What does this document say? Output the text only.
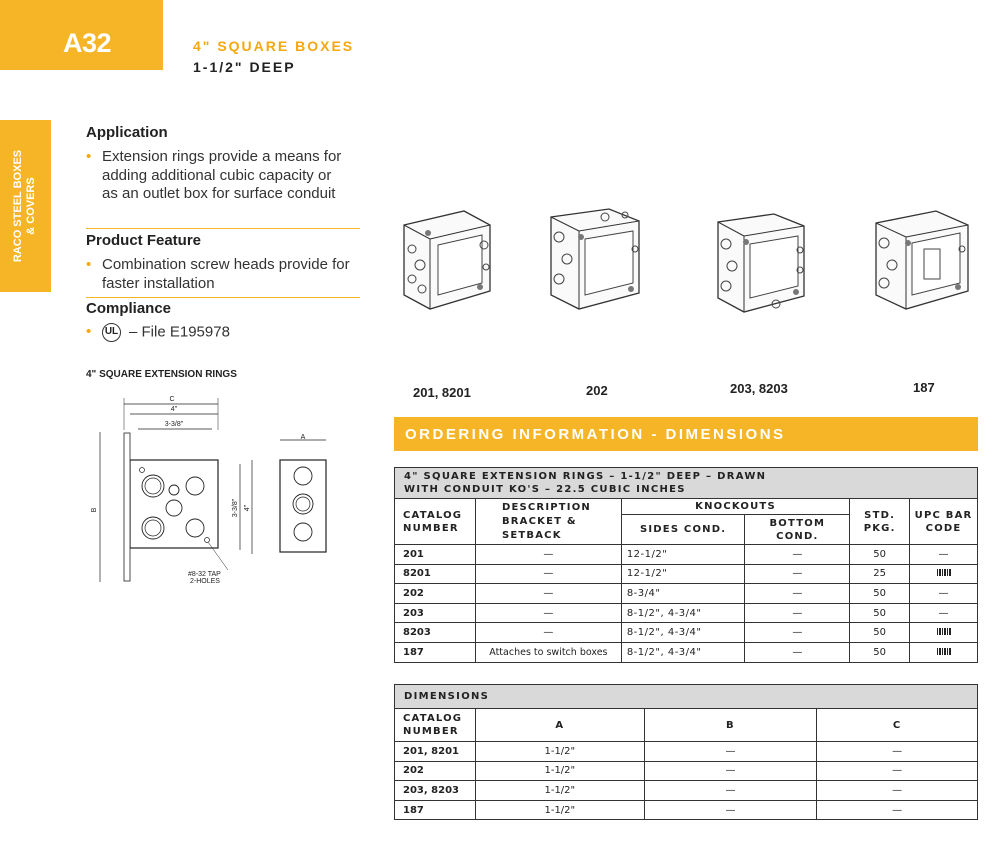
A32	4" SQUARE BOXES
1-1/2" DEEP
RACO STEEL BOXES & COVERS
Application
• Extension rings provide a means for adding additional cubic capacity or as an outlet box for surface conduit
Product Feature
• Combination screw heads provide for faster installation
Compliance
• UL – File E195978
4" SQUARE EXTENSION RINGS
C
4"
3-3/8"
B	3-3/8" 4"
#8-32 TAP
2-HOLES
A
201, 8201	202	203, 8203	187
ORDERING INFORMATION - DIMENSIONS
4" SQUARE EXTENSION RINGS – 1-1/2" DEEP – DRAWN
WITH CONDUIT KO'S – 22.5 CUBIC INCHES					
CATALOG NUMBER	DESCRIPTION BRACKET & SETBACK	KNOCKOUTS		STD. PKG.	UPC BAR CODE
		SIDES COND.	BOTTOM COND.		
201	—	12-1/2"	—	50	—
8201	—	12-1/2"	—	25	
202	—	8-3/4"	—	50	—
203	—	8-1/2", 4-3/4"	—	50	—
8203	—	8-1/2", 4-3/4"	—	50	
187	Attaches to switch boxes	8-1/2", 4-3/4"	—	50	
DIMENSIONS			
CATALOG NUMBER	A	B	C
201, 8201	1-1/2"	—	—
202	1-1/2"	—	—
203, 8203	1-1/2"	—	—
187	1-1/2"	—	—
